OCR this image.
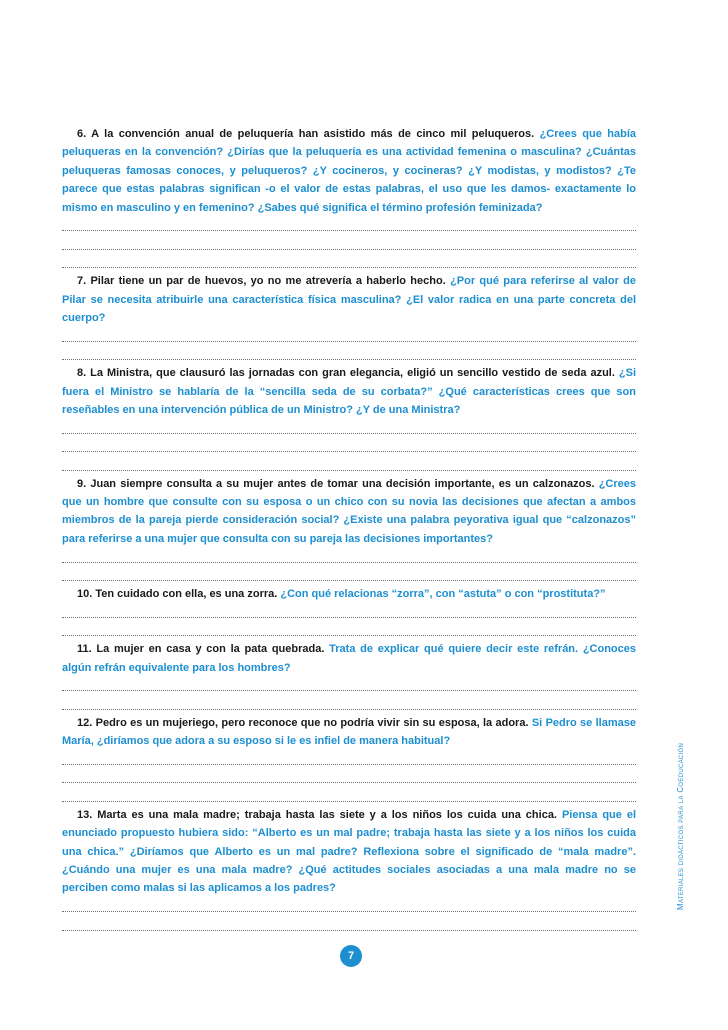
6. A la convención anual de peluquería han asistido más de cinco mil peluqueros. ¿Crees que había peluqueras en la convención? ¿Dirías que la peluquería es una actividad femenina o masculina? ¿Cuántas peluqueras famosas conoces, y peluqueros? ¿Y cocineros, y cocineras? ¿Y modistas, y modistos? ¿Te parece que estas palabras significan -o el valor de estas palabras, el uso que les damos- exactamente lo mismo en masculino y en femenino? ¿Sabes qué significa el término profesión feminizada?

7. Pilar tiene un par de huevos, yo no me atrevería a haberlo hecho. ¿Por qué para referirse al valor de Pilar se necesita atribuirle una característica física masculina? ¿El valor radica en una parte concreta del cuerpo?

8. La Ministra, que clausuró las jornadas con gran elegancia, eligió un sencillo vestido de seda azul. ¿Si fuera el Ministro se hablaría de la “sencilla seda de su corbata?” ¿Qué características crees que son reseñables en una intervención pública de un Ministro? ¿Y de una Ministra?

9. Juan siempre consulta a su mujer antes de tomar una decisión importante, es un calzonazos. ¿Crees que un hombre que consulte con su esposa o un chico con su novia las decisiones que afectan a ambos miembros de la pareja pierde consideración social? ¿Existe una palabra peyorativa igual que “calzonazos” para referirse a una mujer que consulta con su pareja las decisiones importantes?

10. Ten cuidado con ella, es una zorra. ¿Con qué relacionas “zorra”, con “astuta” o con “prostituta?”

11. La mujer en casa y con la pata quebrada. Trata de explicar qué quiere decir este refrán. ¿Conoces algún refrán equivalente para los hombres?

12. Pedro es un mujeriego, pero reconoce que no podría vivir sin su esposa, la adora. Si Pedro se llamase María, ¿diríamos que adora a su esposo si le es infiel de manera habitual?

13. Marta es una mala madre; trabaja hasta las siete y a los niños los cuida una chica. Piensa que el enunciado propuesto hubiera sido: “Alberto es un mal padre; trabaja hasta las siete y a los niños los cuida una chica.” ¿Diríamos que Alberto es un mal padre? Reflexiona sobre el significado de “mala madre”. ¿Cuándo una mujer es una mala madre? ¿Qué actitudes sociales asociadas a una mala madre no se perciben como malas si las aplicamos a los padres?	Materiales didácticos para la Coeducación
7
